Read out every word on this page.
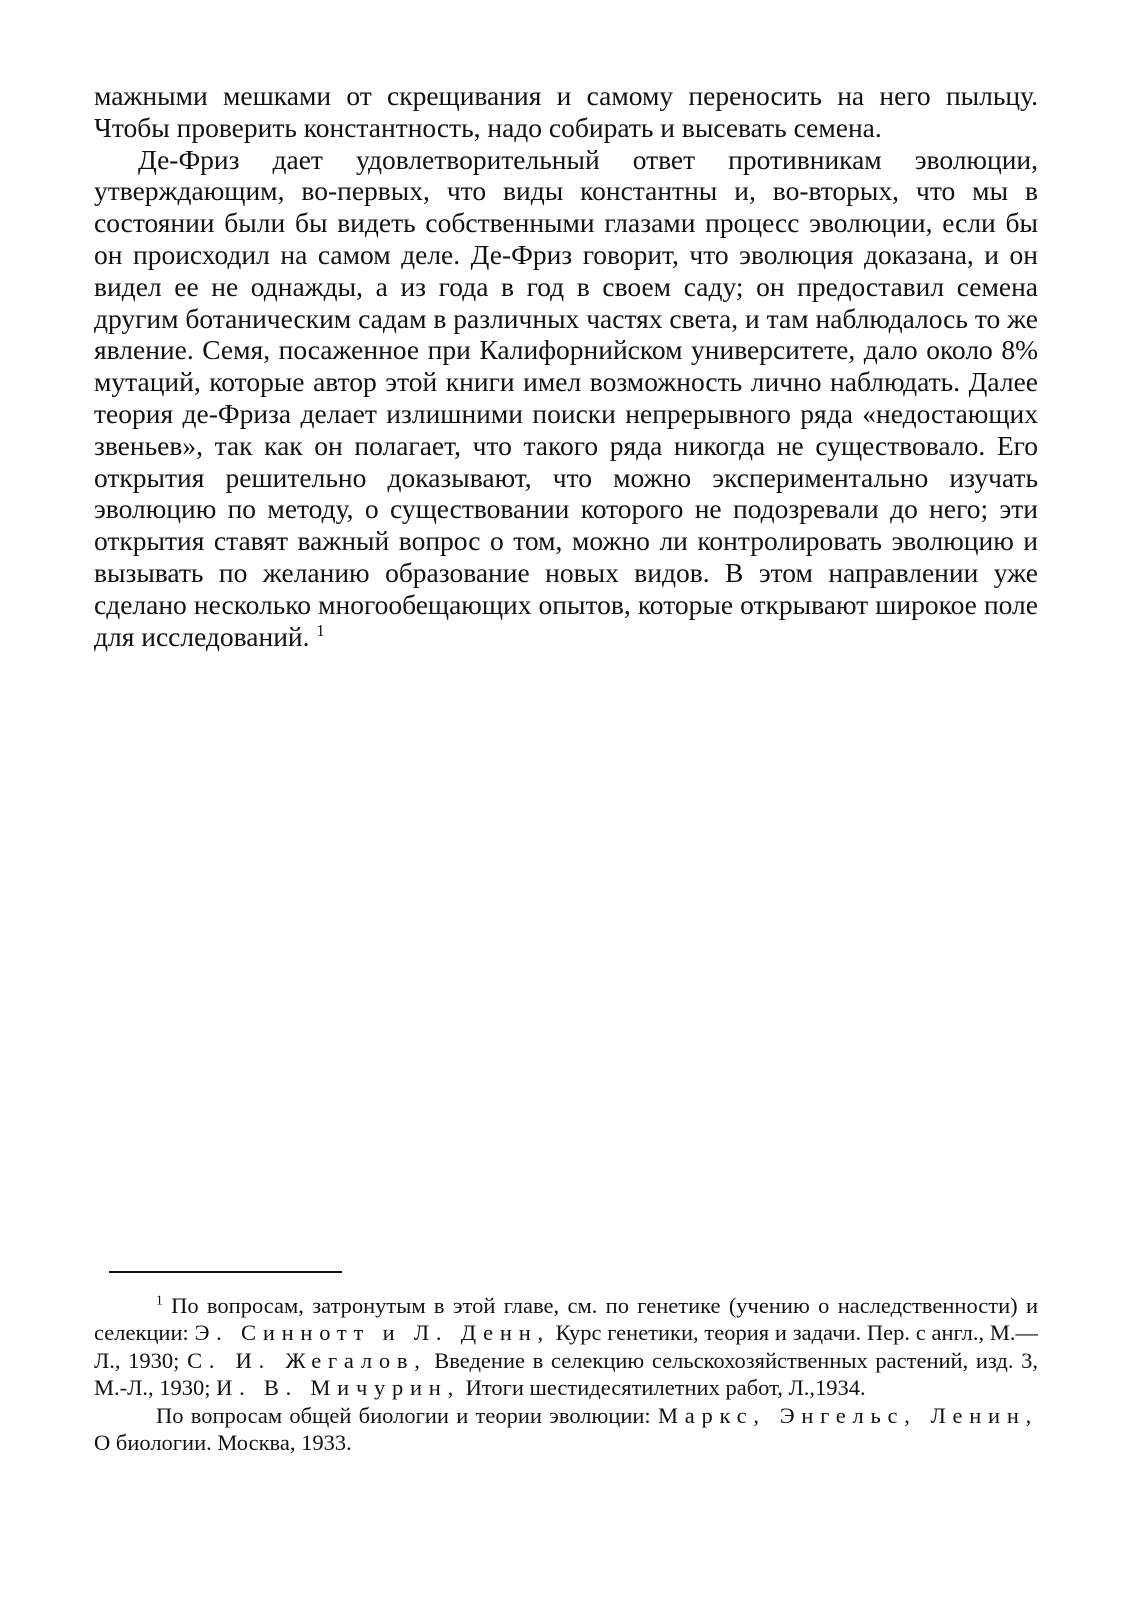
мажными мешками от скрещивания и самому переносить на него пыльцу. Чтобы проверить константность, надо собирать и высевать семена.

Де-Фриз дает удовлетворительный ответ противникам эволюции, утверждающим, во-первых, что виды константны и, во-вторых, что мы в состоянии были бы видеть собственными глазами процесс эволюции, если бы он происходил на самом деле. Де-Фриз говорит, что эволюция доказана, и он видел ее не однажды, а из года в год в своем саду; он предоставил семена другим ботаническим садам в различных частях света, и там наблюдалось то же явление. Семя, посаженное при Калифорнийском университете, дало около 8% мутаций, которые автор этой книги имел возможность лично наблюдать. Далее теория де-Фриза делает излишними поиски непрерывного ряда «недостающих звеньев», так как он полагает, что такого ряда никогда не существовало. Его открытия решительно доказывают, что можно экспериментально изучать эволюцию по методу, о существовании которого не подозревали до него; эти открытия ставят важный вопрос о том, можно ли контролировать эволюцию и вызывать по желанию образование новых видов. В этом направлении уже сделано несколько многообещающих опытов, которые открывают широкое поле для исследований. $^1$

$^1$ По вопросам, затронутым в этой главе, см. по генетике (учению о наследственности) и селекции: Э. Синнотт и Л. Денн, Курс генетики, теория и задачи. Пер. с англ., М.—Л., 1930; С. И. Жегалов, Введение в селекцию сельскохозяйственных растений, изд. 3, М.-Л., 1930; И. В. Мичурин, Итоги шестидесятилетних работ, Л.,1934.

По вопросам общей биологии и теории эволюции: Маркс, Энгельс, Ленин, О биологии. Москва, 1933.
